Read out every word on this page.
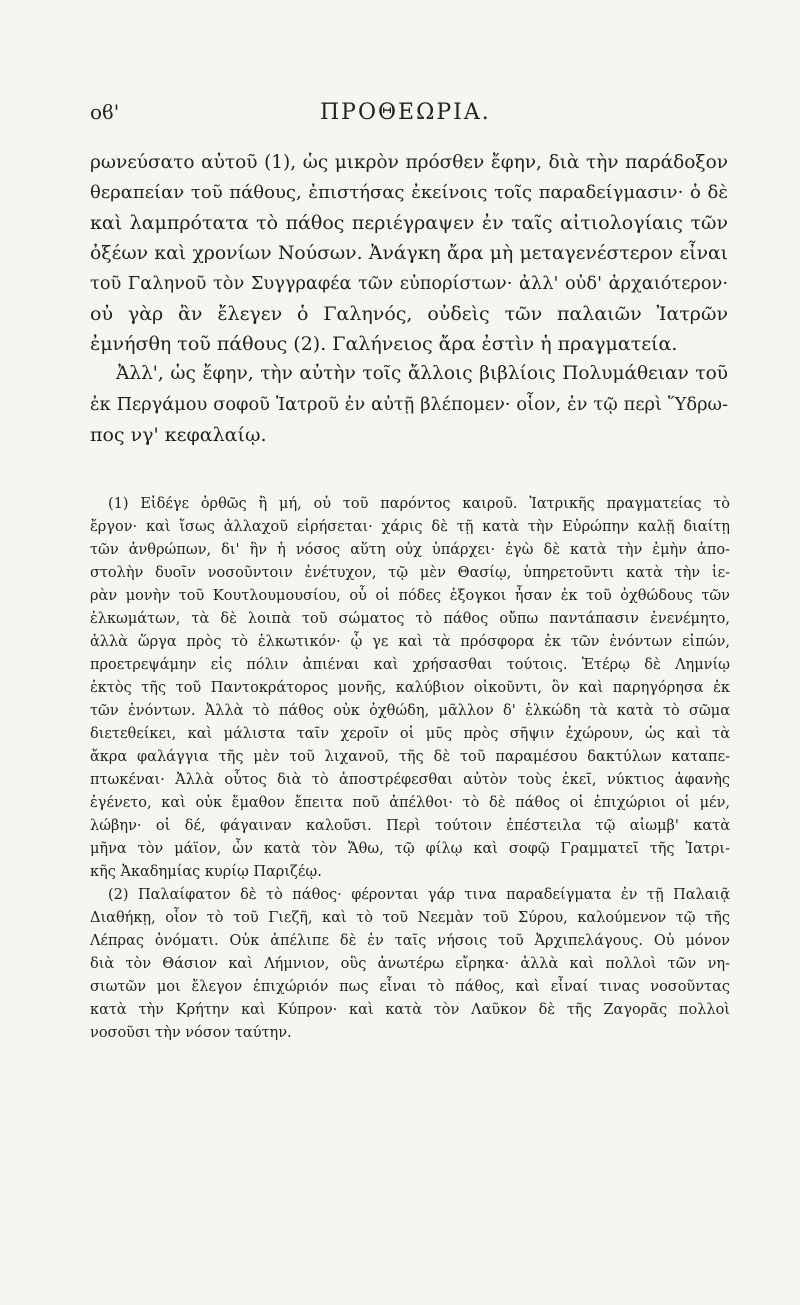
οϐ'	ΠΡΟΘΕΩΡΙΑ.
ρωνεύσατο αὐτοῦ (1), ὡς μικρὸν πρόσθεν ἔφην, διὰ τὴν παράδοξον
θεραπείαν τοῦ πάθους, ἐπιστήσας ἐκείνοις τοῖς παραδείγμασιν· ὁ δὲ
καὶ λαμπρότατα τὸ πάθος περιέγραψεν ἐν ταῖς αἰτιολογίαις τῶν
ὀξέων καὶ χρονίων Νούσων. Ἀνάγκη ἄρα μὴ μεταγενέστερον εἶναι
τοῦ Γαληνοῦ τὸν Συγγραφέα τῶν εὐπορίστων· ἀλλ' οὐδ' ἀρχαιότερον·
οὐ γὰρ ἂν ἔλεγεν ὁ Γαληνός, οὐδεὶς τῶν παλαιῶν Ἰατρῶν
ἐμνήσθη τοῦ πάθους (2). Γαλήνειος ἄρα ἐστὶν ἡ πραγματεία.
Ἀλλ', ὡς ἔφην, τὴν αὐτὴν τοῖς ἄλλοις βιβλίοις Πολυμάθειαν τοῦ
ἐκ Περγάμου σοφοῦ Ἰατροῦ ἐν αὐτῇ βλέπομεν· οἷον, ἐν τῷ περὶ Ὕδρω-
πος νγ' κεφαλαίῳ.
(1) Εἰδέγε ὀρθῶς ἢ μή, οὐ τοῦ παρόντος καιροῦ. Ἰατρικῆς πραγματείας τὸ
ἔργον· καὶ ἴσως ἀλλαχοῦ εἰρήσεται· χάρις δὲ τῇ κατὰ τὴν Εὐρώπην καλῇ διαίτῃ
τῶν ἀνθρώπων, δι' ἣν ἡ νόσος αὕτη οὐχ ὑπάρχει· ἐγὼ δὲ κατὰ τὴν ἐμὴν ἀπο-
στολὴν δυοῖν νοσοῦντοιν ἐνέτυχον, τῷ μὲν Θασίῳ, ὑπηρετοῦντι κατὰ τὴν ἱε-
ρὰν μονὴν τοῦ Κουτλουμουσίου, οὗ οἱ πόδες ἐξογκοι ἦσαν ἐκ τοῦ ὀχθώδους τῶν
ἑλκωμάτων, τὰ δὲ λοιπὰ τοῦ σώματος τὸ πάθος οὔπω παντάπασιν ἐνενέμητο,
ἀλλὰ ὥργα πρὸς τὸ ἑλκωτικόν· ᾧ γε καὶ τὰ πρόσφορα ἐκ τῶν ἐνόντων εἰπών,
προετρεψάμην εἰς πόλιν ἀπιέναι καὶ χρήσασθαι τούτοις. Ἑτέρῳ δὲ Λημνίῳ
ἐκτὸς τῆς τοῦ Παντοκράτορος μονῆς, καλύβιον οἰκοῦντι, ὃν καὶ παρηγόρησα ἐκ
τῶν ἐνόντων. Ἀλλὰ τὸ πάθος οὐκ ὀχθώδη, μᾶλλον δ' ἑλκώδη τὰ κατὰ τὸ σῶμα
διετεθείκει, καὶ μάλιστα ταῖν χεροῖν οἱ μῦς πρὸς σῆψιν ἐχώρουν, ὡς καὶ τὰ
ἄκρα φαλάγγια τῆς μὲν τοῦ λιχανοῦ, τῆς δὲ τοῦ παραμέσου δακτύλων καταπε-
πτωκέναι· Ἀλλὰ οὗτος διὰ τὸ ἀποστρέφεσθαι αὐτὸν τοὺς ἐκεῖ, νύκτιος ἀφανὴς
ἐγένετο, καὶ οὐκ ἔμαθον ἔπειτα ποῦ ἀπέλθοι· τὸ δὲ πάθος οἱ ἐπιχώριοι οἱ μέν,
λώβην· οἱ δέ, φάγαιναν καλοῦσι. Περὶ τούτοιν ἐπέστειλα τῷ αἰωμβ' κατὰ
μῆνα τὸν μάϊον, ὧν κατὰ τὸν Ἄθω, τῷ φίλῳ καὶ σοφῷ Γραμματεῖ τῆς Ἰατρι-
κῆς Ἀκαδημίας κυρίῳ Παριζέῳ.
(2) Παλαίφατον δὲ τὸ πάθος· φέρονται γάρ τινα παραδείγματα ἐν τῇ Παλαιᾷ
Διαθήκῃ, οἷον τὸ τοῦ Γιεζῆ, καὶ τὸ τοῦ Νεεμὰν τοῦ Σύρου, καλούμενον τῷ τῆς
Λέπρας ὀνόματι. Οὐκ ἀπέλιπε δὲ ἐν ταῖς νήσοις τοῦ Ἀρχιπελάγους. Οὐ μόνον
διὰ τὸν Θάσιον καὶ Λήμνιον, οὓς ἀνωτέρω εἴρηκα· ἀλλὰ καὶ πολλοὶ τῶν νη-
σιωτῶν μοι ἔλεγον ἐπιχώριόν πως εἶναι τὸ πάθος, καὶ εἶναί τινας νοσοῦντας
κατὰ τὴν Κρήτην καὶ Κύπρον· καὶ κατὰ τὸν Λαῦκον δὲ τῆς Ζαγορᾶς πολλοὶ
νοσοῦσι τὴν νόσον ταύτην.
